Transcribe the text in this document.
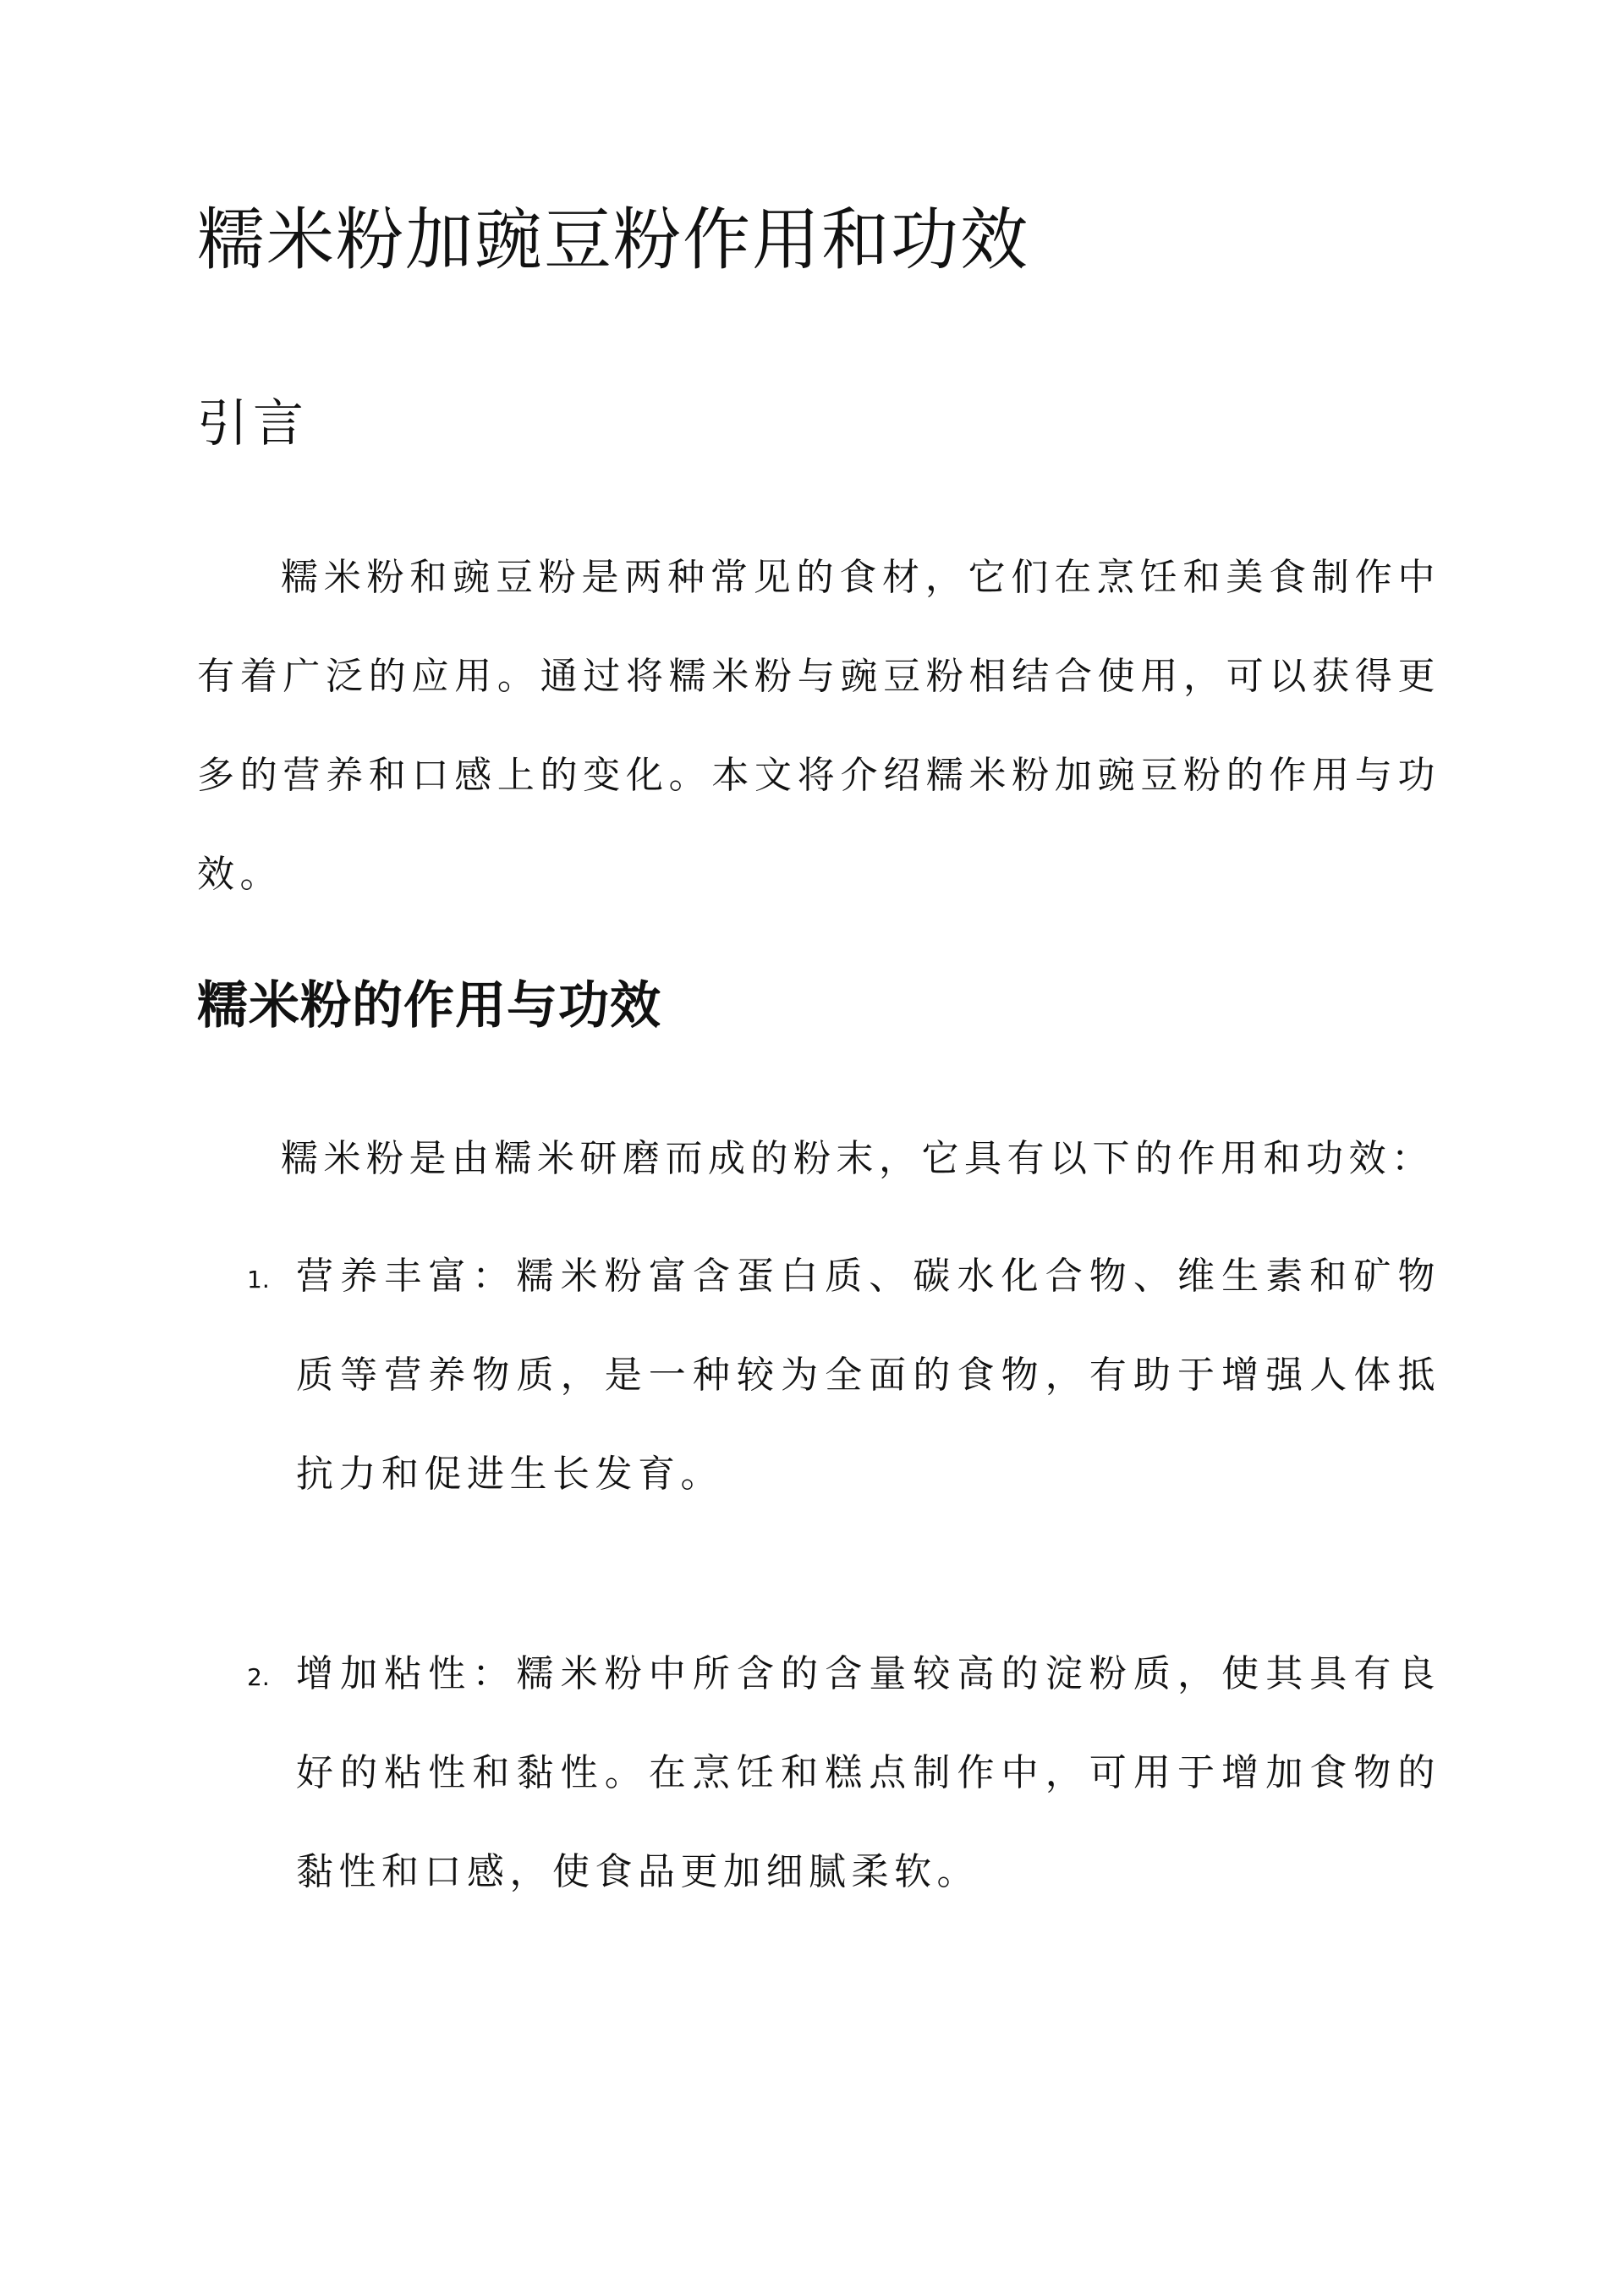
糯米粉加豌豆粉作用和功效
引言

糯米粉和豌豆粉是两种常见的食材，它们在烹饪和美食制作中有着广泛的应用。通过将糯米粉与豌豆粉相结合使用，可以获得更多的营养和口感上的变化。本文将介绍糯米粉加豌豆粉的作用与功效。

糯米粉的作用与功效

糯米粉是由糯米研磨而成的粉末，它具有以下的作用和功效：

1. 营养丰富：糯米粉富含蛋白质、碳水化合物、维生素和矿物质等营养物质，是一种较为全面的食物，有助于增强人体抵抗力和促进生长发育。
2. 增加粘性：糯米粉中所含的含量较高的淀粉质，使其具有良好的粘性和黏性。在烹饪和糕点制作中，可用于增加食物的黏性和口感，使食品更加细腻柔软。
